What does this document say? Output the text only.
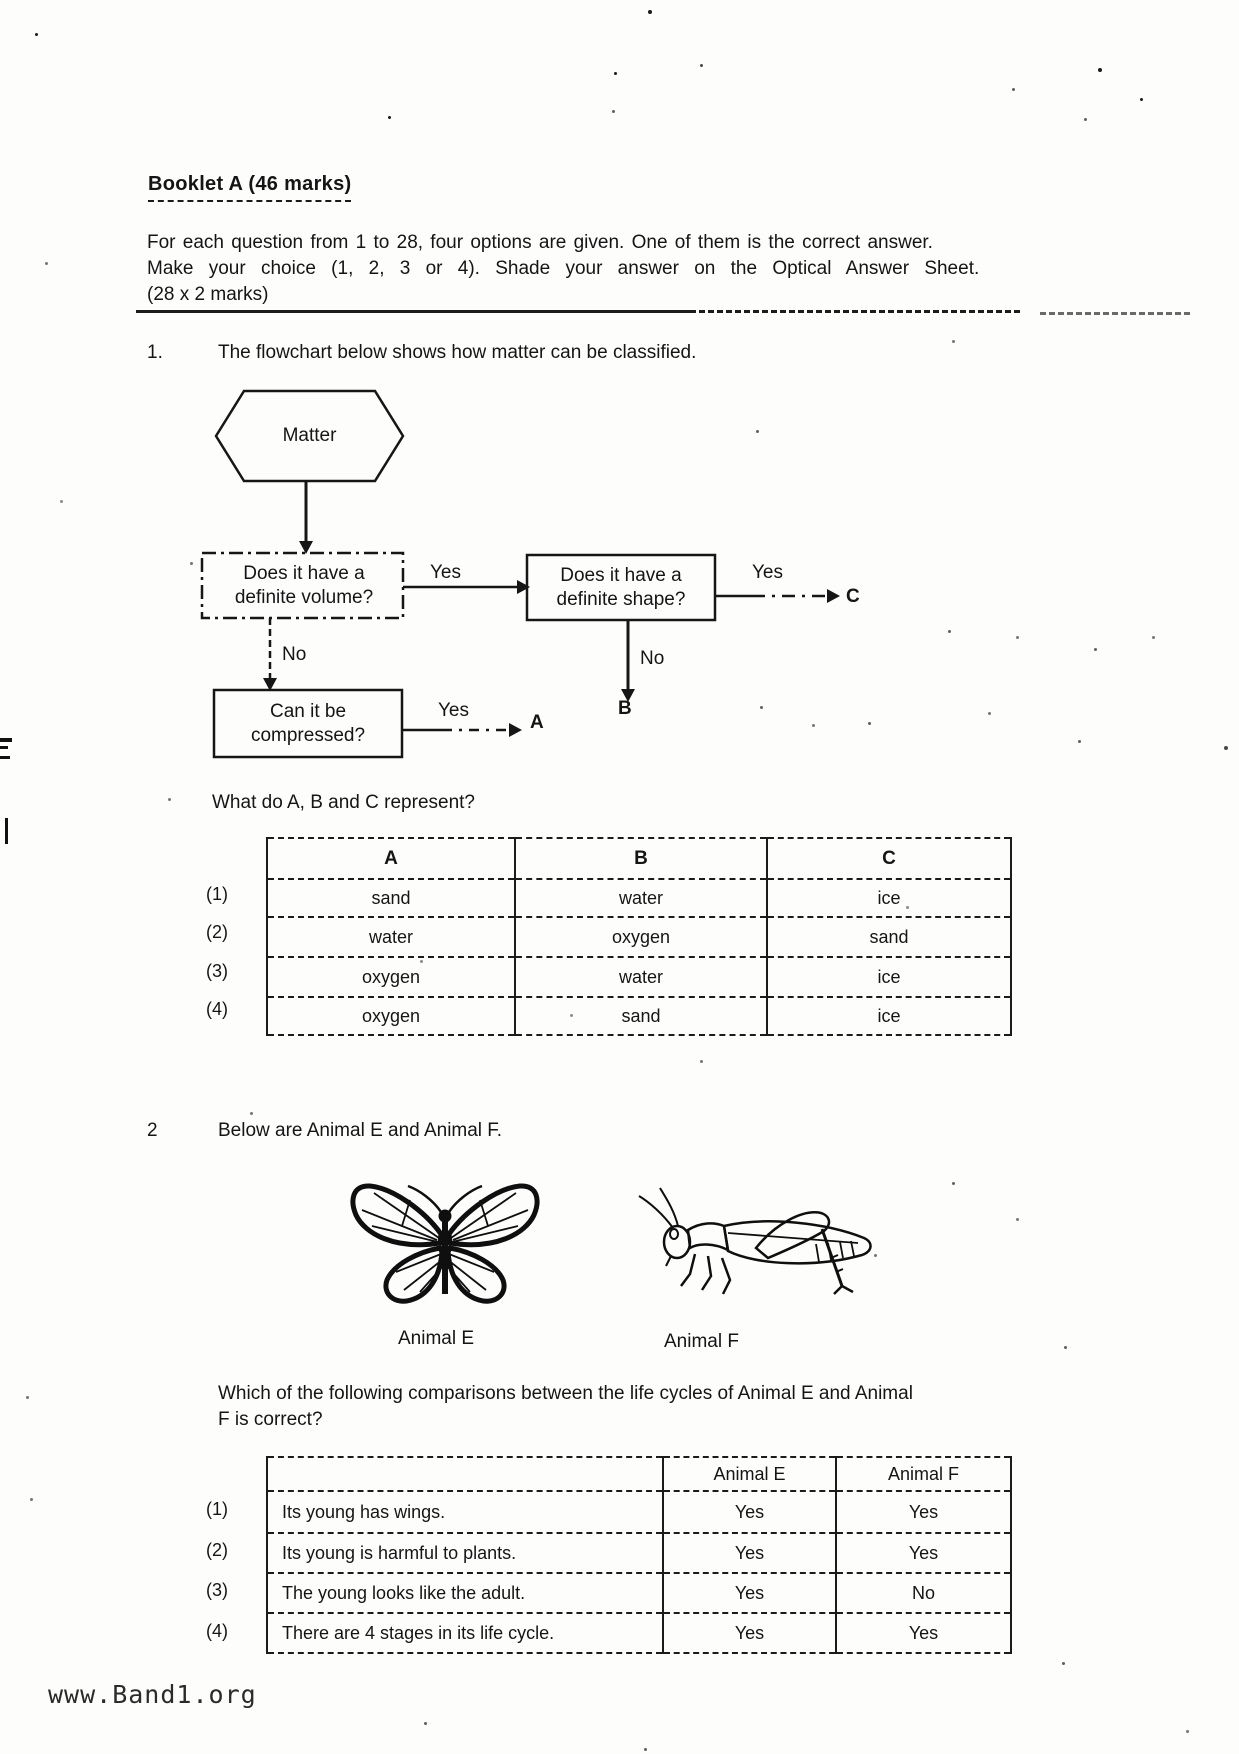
Booklet A (46 marks)
For each question from 1 to 28, four options are given. One of them is the correct answer.
Make your choice (1, 2, 3 or 4). Shade your answer on the Optical Answer Sheet.
(28 x 2 marks)
1.	The flowchart below shows how matter can be classified.
Matter
Does it have a definite volume?
Does it have a definite shape?
Can it be compressed?
Yes	Yes
Yes
No	No
A
B
C
What do A, B and C represent?
(1)
(2)
(3)
(4)
A	B	C
sand	water	ice
water	oxygen	sand
oxygen	water	ice
oxygen	sand	ice
2	Below are Animal E and Animal F.
Animal E	Animal F
Which of the following comparisons between the life cycles of Animal E and Animal
F is correct?
(1)
(2)
(3)
(4)
	Animal E	Animal F
Its young has wings.	Yes	Yes
Its young is harmful to plants.	Yes	Yes
The young looks like the adult.	Yes	No
There are 4 stages in its life cycle.	Yes	Yes
www.Band1.org
